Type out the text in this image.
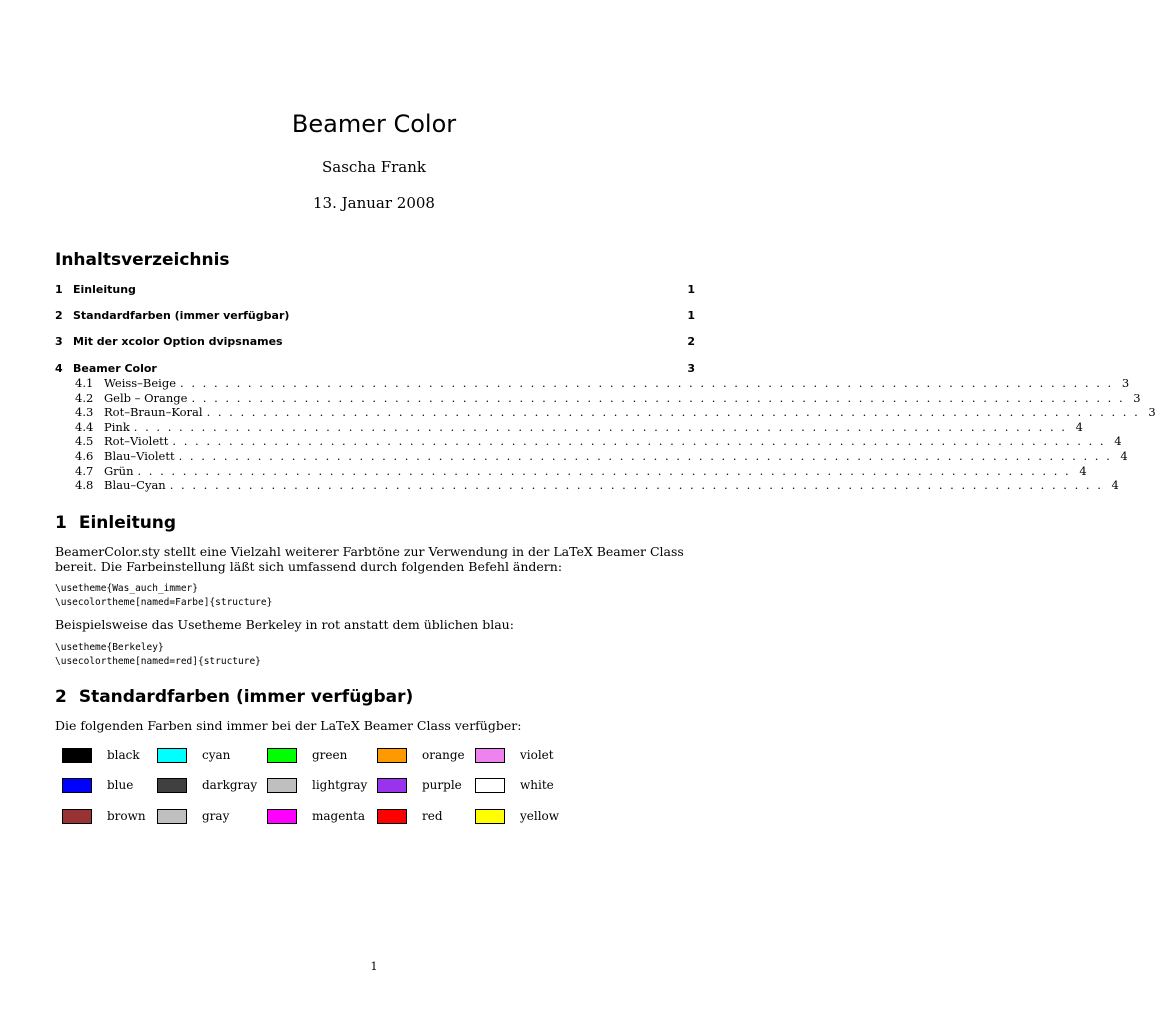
Beamer Color
Sascha Frank
13. Januar 2008
Inhaltsverzeichnis
1 Einleitung	1
2 Standardfarben (immer verfügbar)	1
3 Mit der xcolor Option dvipsnames	2
4 Beamer Color	3
4.1 Weiss–Beige . . . . . . . . . . . . . . . . . . . . . . . . . . . . . . . . . . . . . . . . . . . . . . . . . . . . . . . . . . . . . . . . . . . . . . . . . . . . . . . . . . . 3
4.2 Gelb – Orange . . . . . . . . . . . . . . . . . . . . . . . . . . . . . . . . . . . . . . . . . . . . . . . . . . . . . . . . . . . . . . . . . . . . . . . . . . . . . . . . . . . 3
4.3 Rot–Braun–Koral . . . . . . . . . . . . . . . . . . . . . . . . . . . . . . . . . . . . . . . . . . . . . . . . . . . . . . . . . . . . . . . . . . . . . . . . . . . . . . . . . . . 3
4.4 Pink . . . . . . . . . . . . . . . . . . . . . . . . . . . . . . . . . . . . . . . . . . . . . . . . . . . . . . . . . . . . . . . . . . . . . . . . . . . . . . . . . . . 4
4.5 Rot–Violett . . . . . . . . . . . . . . . . . . . . . . . . . . . . . . . . . . . . . . . . . . . . . . . . . . . . . . . . . . . . . . . . . . . . . . . . . . . . . . . . . . . 4
4.6 Blau–Violett . . . . . . . . . . . . . . . . . . . . . . . . . . . . . . . . . . . . . . . . . . . . . . . . . . . . . . . . . . . . . . . . . . . . . . . . . . . . . . . . . . . 4
4.7 Grün . . . . . . . . . . . . . . . . . . . . . . . . . . . . . . . . . . . . . . . . . . . . . . . . . . . . . . . . . . . . . . . . . . . . . . . . . . . . . . . . . . . 4
4.8 Blau–Cyan . . . . . . . . . . . . . . . . . . . . . . . . . . . . . . . . . . . . . . . . . . . . . . . . . . . . . . . . . . . . . . . . . . . . . . . . . . . . . . . . . . . 4
1 Einleitung
BeamerColor.sty stellt eine Vielzahl weiterer Farbtöne zur Verwendung in der LaTeX Beamer Class bereit. Die Farbeinstellung läßt sich umfassend durch folgenden Befehl ändern:
\usetheme{Was_auch_immer}
\usecolortheme[named=Farbe]{structure}
Beispielsweise das Usetheme Berkeley in rot anstatt dem üblichen blau:
\usetheme{Berkeley}
\usecolortheme[named=red]{structure}
2 Standardfarben (immer verfügbar)
Die folgenden Farben sind immer bei der LaTeX Beamer Class verfügber:
black	cyan	green	orange	violet
blue	darkgray	lightgray	purple	white
brown	gray	magenta	red	yellow
1
